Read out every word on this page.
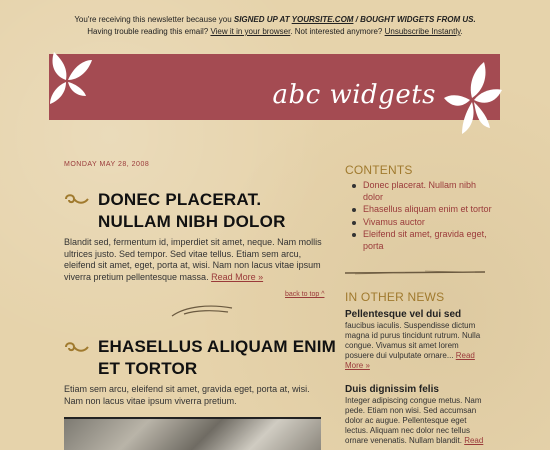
You're receiving this newsletter because you SIGNED UP AT YOURSITE.COM / BOUGHT WIDGETS FROM US.
Having trouble reading this email? View it in your browser. Not interested anymore? Unsubscribe Instantly.
abc widgets
MONDAY MAY 28, 2008
DONEC PLACERAT.
NULLAM NIBH DOLOR
Blandit sed, fermentum id, imperdiet sit amet, neque. Nam mollis ultrices justo. Sed tempor. Sed vitae tellus. Etiam sem arcu, eleifend sit amet, eget, porta at, wisi. Nam non lacus vitae ipsum viverra pretium pellentesque massa. Read More »
back to top ^
EHASELLUS ALIQUAM ENIM
ET TORTOR
Etiam sem arcu, eleifend sit amet, gravida eget, porta at, wisi. Nam non lacus vitae ipsum viverra pretium.
CONTENTS
Donec placerat. Nullam nibh dolor
Ehasellus aliquam enim et tortor
Vivamus auctor
Eleifend sit amet, gravida eget, porta
IN OTHER NEWS
Pellentesque vel dui sed
faucibus iaculis. Suspendisse dictum magna id purus tincidunt rutrum. Nulla congue. Vivamus sit amet lorem posuere dui vulputate ornare... Read More »
Duis dignissim felis
Integer adipiscing congue metus. Nam pede. Etiam non wisi. Sed accumsan dolor ac augue. Pellentesque eget lectus. Aliquam nec dolor nec tellus ornare venenatis. Nullam blandit. Read
